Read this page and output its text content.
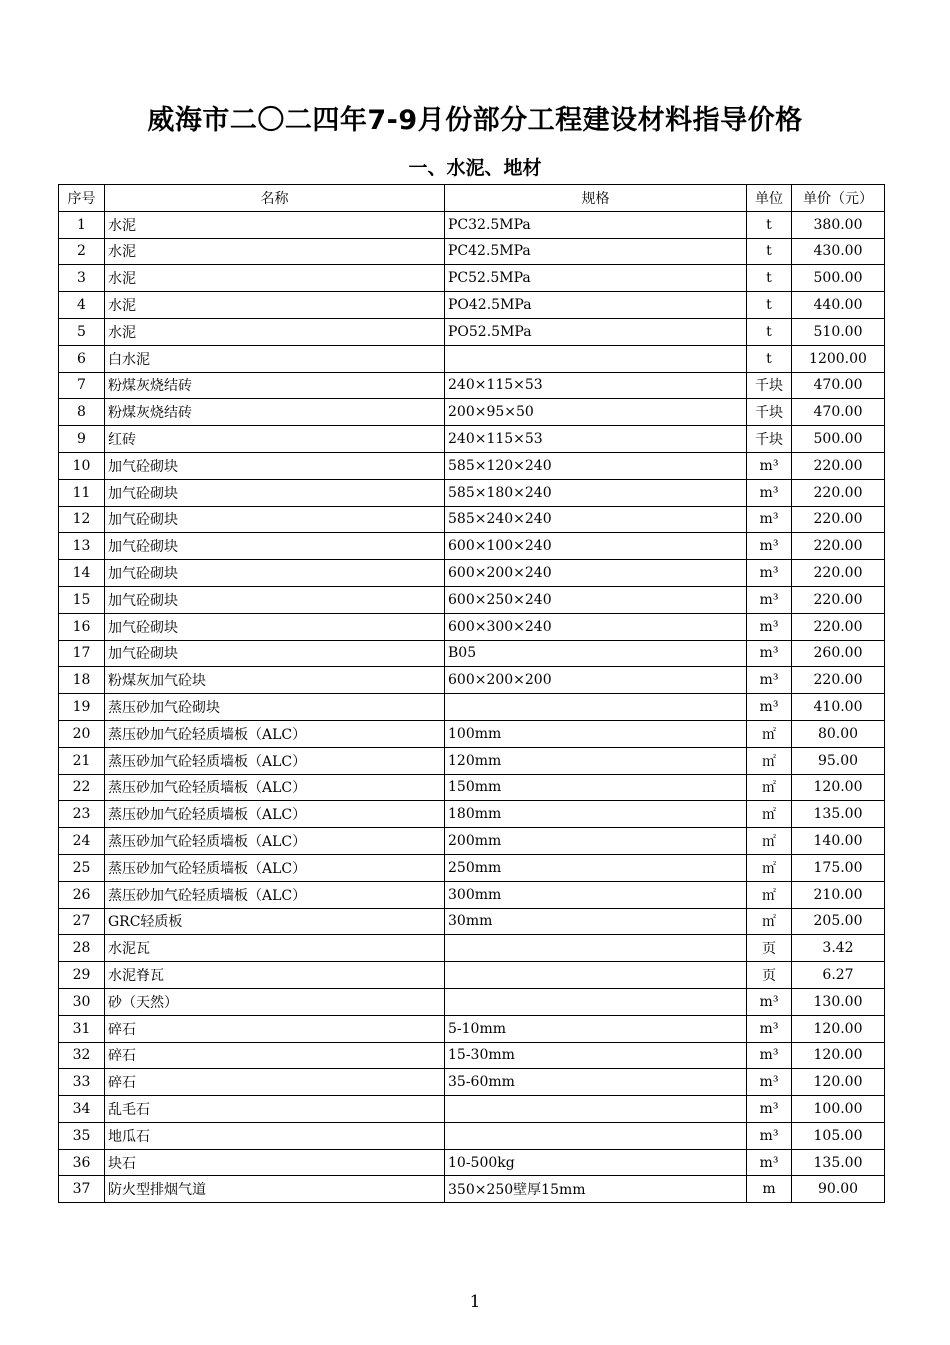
威海市二〇二四年7-9月份部分工程建设材料指导价格
一、水泥、地材
序号	名称	规格	单位	单价（元）
1	水泥	PC32.5MPa	t	380.00
2	水泥	PC42.5MPa	t	430.00
3	水泥	PC52.5MPa	t	500.00
4	水泥	PO42.5MPa	t	440.00
5	水泥	PO52.5MPa	t	510.00
6	白水泥		t	1200.00
7	粉煤灰烧结砖	240×115×53	千块	470.00
8	粉煤灰烧结砖	200×95×50	千块	470.00
9	红砖	240×115×53	千块	500.00
10	加气砼砌块	585×120×240	m³	220.00
11	加气砼砌块	585×180×240	m³	220.00
12	加气砼砌块	585×240×240	m³	220.00
13	加气砼砌块	600×100×240	m³	220.00
14	加气砼砌块	600×200×240	m³	220.00
15	加气砼砌块	600×250×240	m³	220.00
16	加气砼砌块	600×300×240	m³	220.00
17	加气砼砌块	B05	m³	260.00
18	粉煤灰加气砼块	600×200×200	m³	220.00
19	蒸压砂加气砼砌块		m³	410.00
20	蒸压砂加气砼轻质墙板（ALC）	100mm	㎡	80.00
21	蒸压砂加气砼轻质墙板（ALC）	120mm	㎡	95.00
22	蒸压砂加气砼轻质墙板（ALC）	150mm	㎡	120.00
23	蒸压砂加气砼轻质墙板（ALC）	180mm	㎡	135.00
24	蒸压砂加气砼轻质墙板（ALC）	200mm	㎡	140.00
25	蒸压砂加气砼轻质墙板（ALC）	250mm	㎡	175.00
26	蒸压砂加气砼轻质墙板（ALC）	300mm	㎡	210.00
27	GRC轻质板	30mm	㎡	205.00
28	水泥瓦		页	3.42
29	水泥脊瓦		页	6.27
30	砂（天然）		m³	130.00
31	碎石	5-10mm	m³	120.00
32	碎石	15-30mm	m³	120.00
33	碎石	35-60mm	m³	120.00
34	乱毛石		m³	100.00
35	地瓜石		m³	105.00
36	块石	10-500kg	m³	135.00
37	防火型排烟气道	350×250壁厚15mm	m	90.00
1
